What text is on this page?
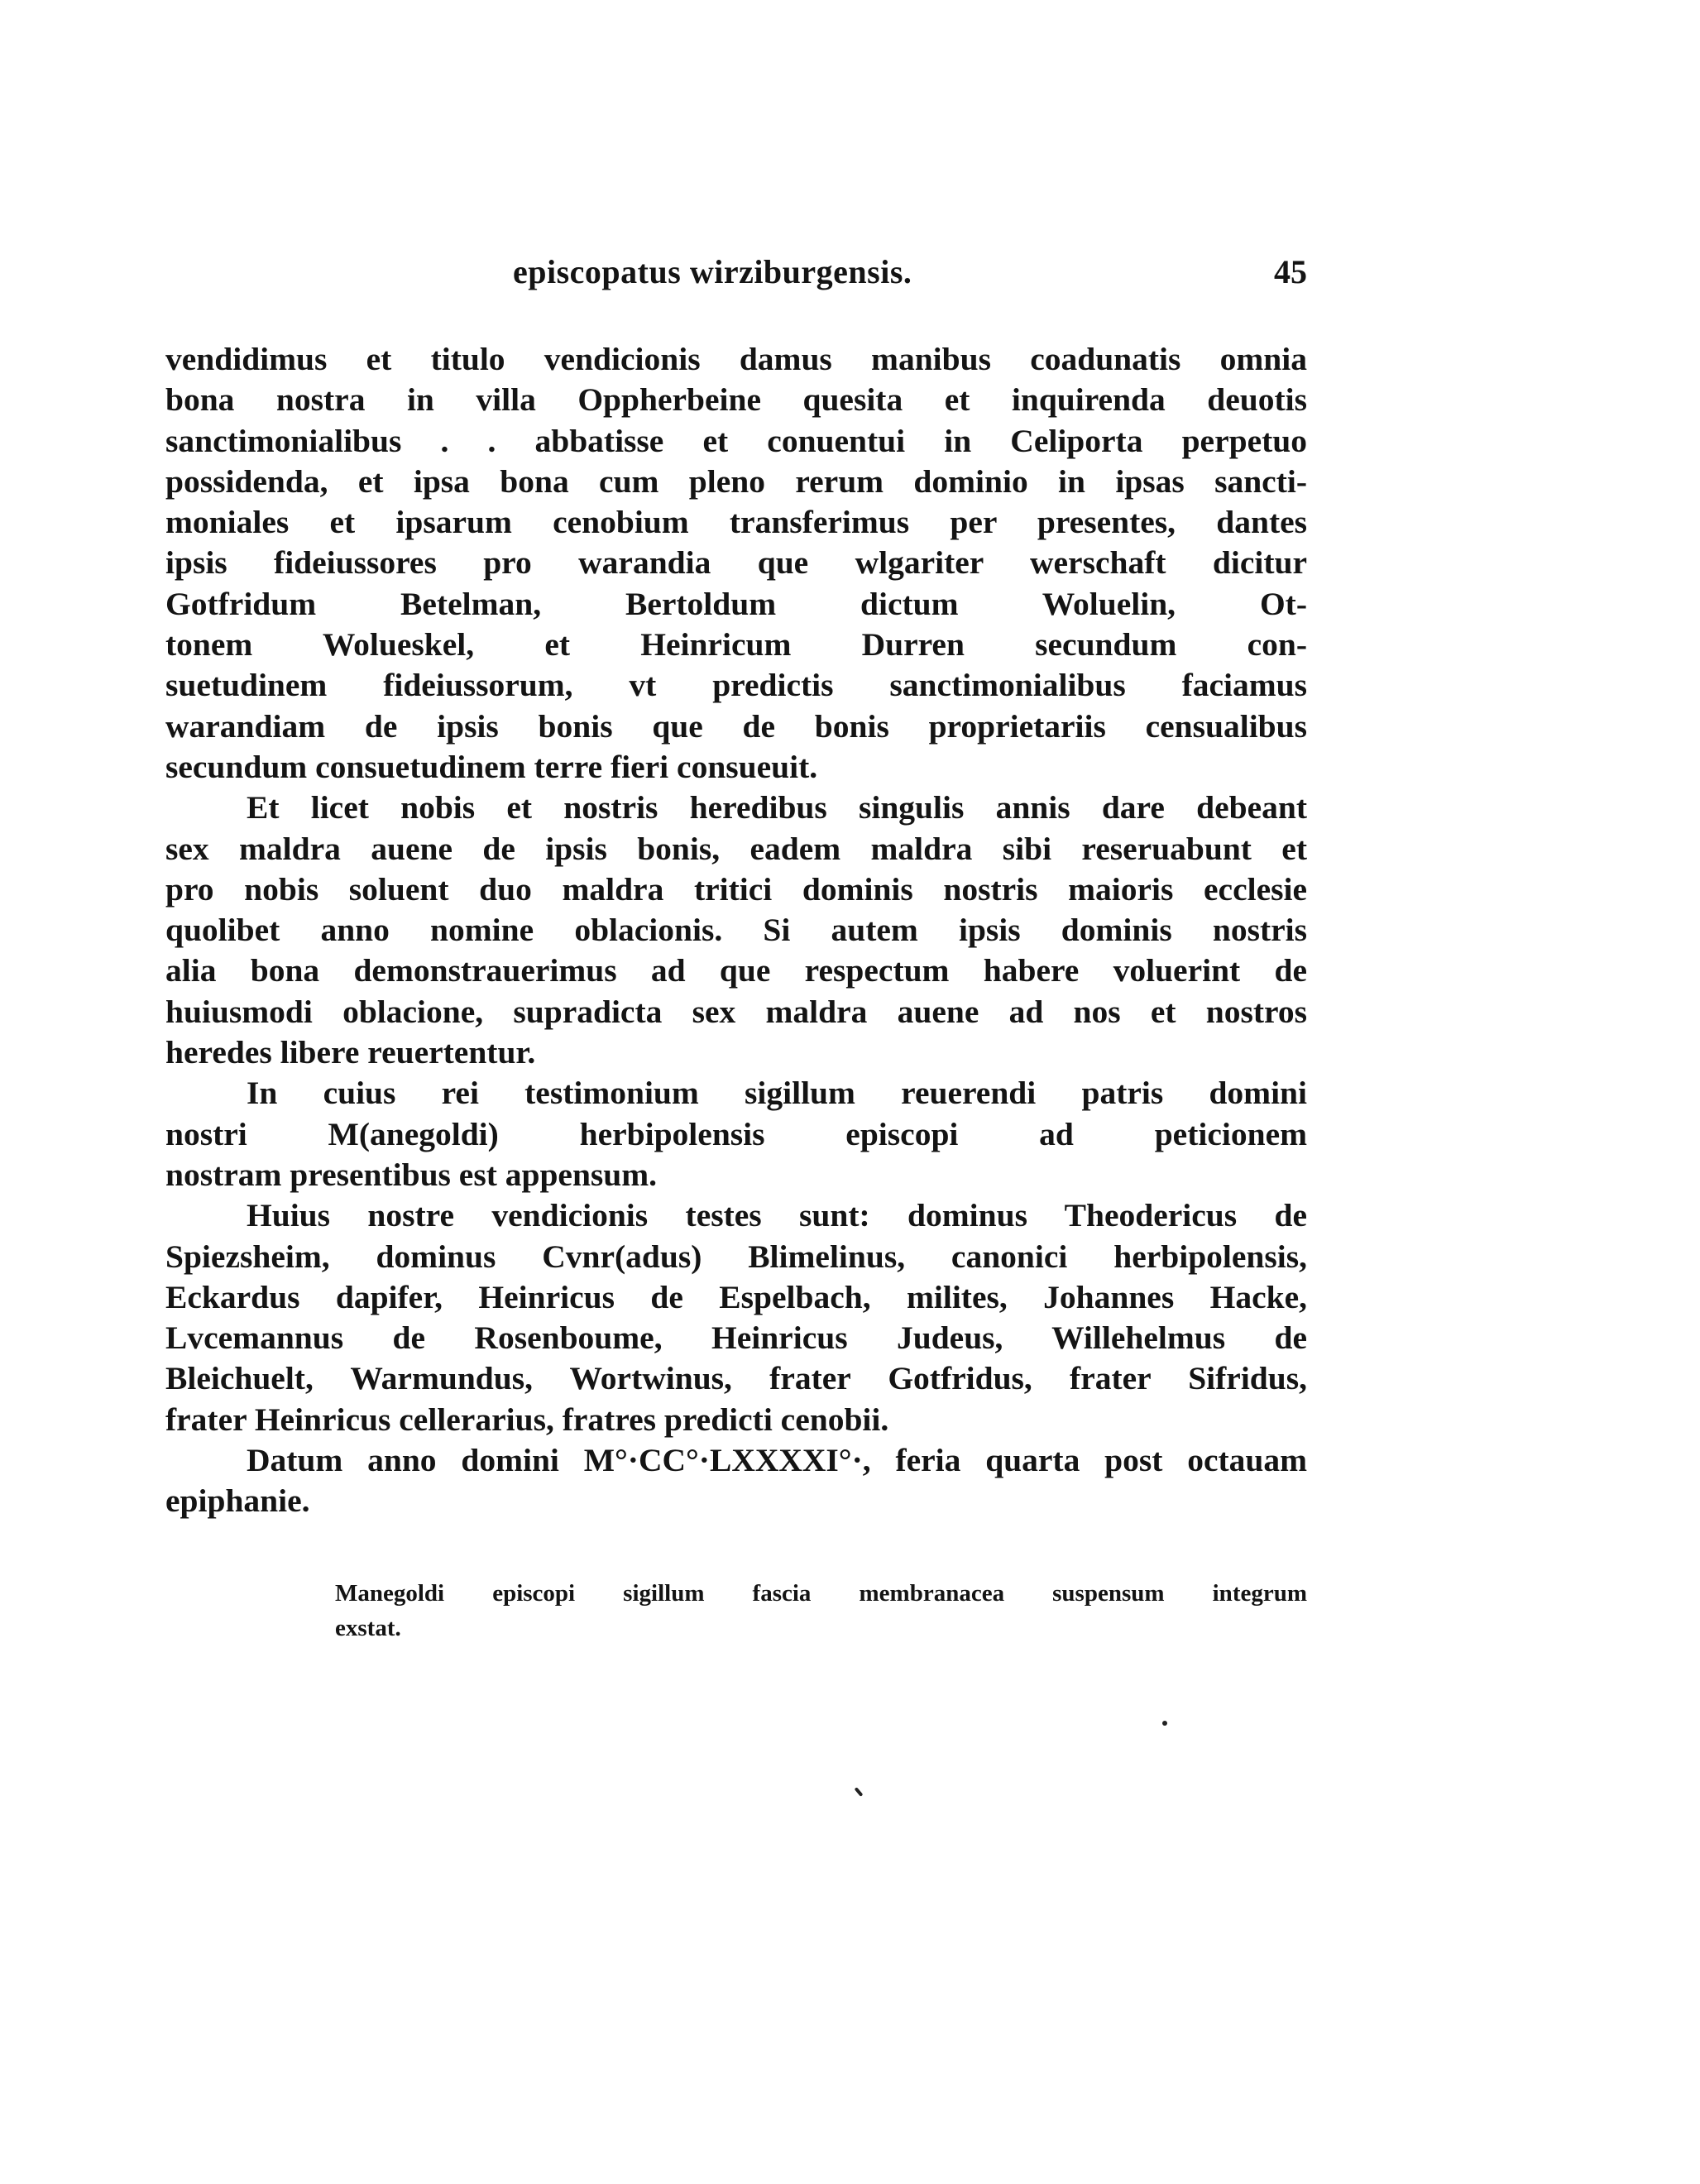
episcopatus wirziburgensis.	45
vendidimus et titulo vendicionis damus manibus coadunatis omnia
bona nostra in villa Oppherbeine quesita et inquirenda deuotis
sanctimonialibus . . abbatisse et conuentui in Celiporta perpetuo
possidenda, et ipsa bona cum pleno rerum dominio in ipsas sancti-
moniales et ipsarum cenobium transferimus per presentes, dantes
ipsis fideiussores pro warandia que wlgariter werschaft dicitur
Gotfridum Betelman, Bertoldum dictum Woluelin, Ot-
tonem Wolueskel, et Heinricum Durren secundum con-
suetudinem fideiussorum, vt predictis sanctimonialibus faciamus
warandiam de ipsis bonis que de bonis proprietariis censualibus
secundum consuetudinem terre fieri consueuit.
Et licet nobis et nostris heredibus singulis annis dare debeant
sex maldra auene de ipsis bonis, eadem maldra sibi reseruabunt et
pro nobis soluent duo maldra tritici dominis nostris maioris ecclesie
quolibet anno nomine oblacionis. Si autem ipsis dominis nostris
alia bona demonstrauerimus ad que respectum habere voluerint de
huiusmodi oblacione, supradicta sex maldra auene ad nos et nostros
heredes libere reuertentur.
In cuius rei testimonium sigillum reuerendi patris domini
nostri M(anegoldi) herbipolensis episcopi ad peticionem
nostram presentibus est appensum.
Huius nostre vendicionis testes sunt: dominus Theodericus de
Spiezsheim, dominus Cvnr(adus) Blimelinus, canonici herbipolensis,
Eckardus dapifer, Heinricus de Espelbach, milites, Johannes Hacke,
Lvcemannus de Rosenboume, Heinricus Judeus, Willehelmus de
Bleichuelt, Warmundus, Wortwinus, frater Gotfridus, frater Sifridus,
frater Heinricus cellerarius, fratres predicti cenobii.
Datum anno domini M°·CC°·LXXXXI°·, feria quarta post octauam
epiphanie.
Manegoldi episcopi sigillum fascia membranacea suspensum integrum
exstat.
